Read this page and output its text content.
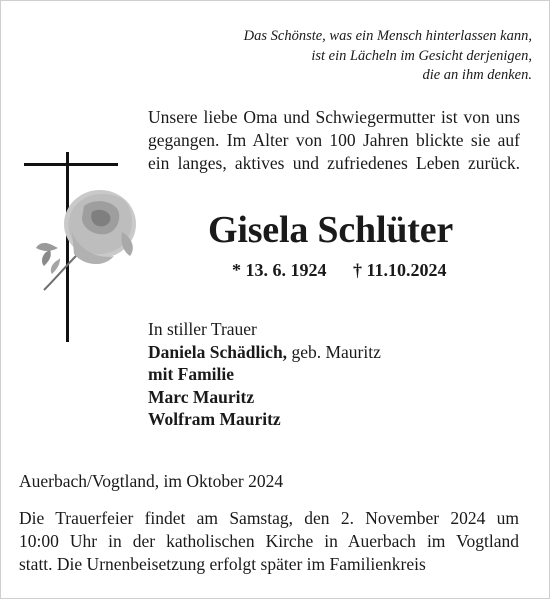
Das Schönste, was ein Mensch hinterlassen kann,
ist ein Lächeln im Gesicht derjenigen,
die an ihm denken.
Unsere liebe Oma und Schwiegermutter ist von uns
gegangen. Im Alter von 100 Jahren blickte sie auf
ein langes, aktives und zufriedenes Leben zurück.
Gisela Schlüter
* 13. 6. 1924 † 11.10.2024
In stiller Trauer
Daniela Schädlich, geb. Mauritz
mit Familie
Marc Mauritz
Wolfram Mauritz
Auerbach/Vogtland, im Oktober 2024
Die Trauerfeier findet am Samstag, den 2. November 2024 um
10:00 Uhr in der katholischen Kirche in Auerbach im Vogtland
statt. Die Urnenbeisetzung erfolgt später im Familienkreis
